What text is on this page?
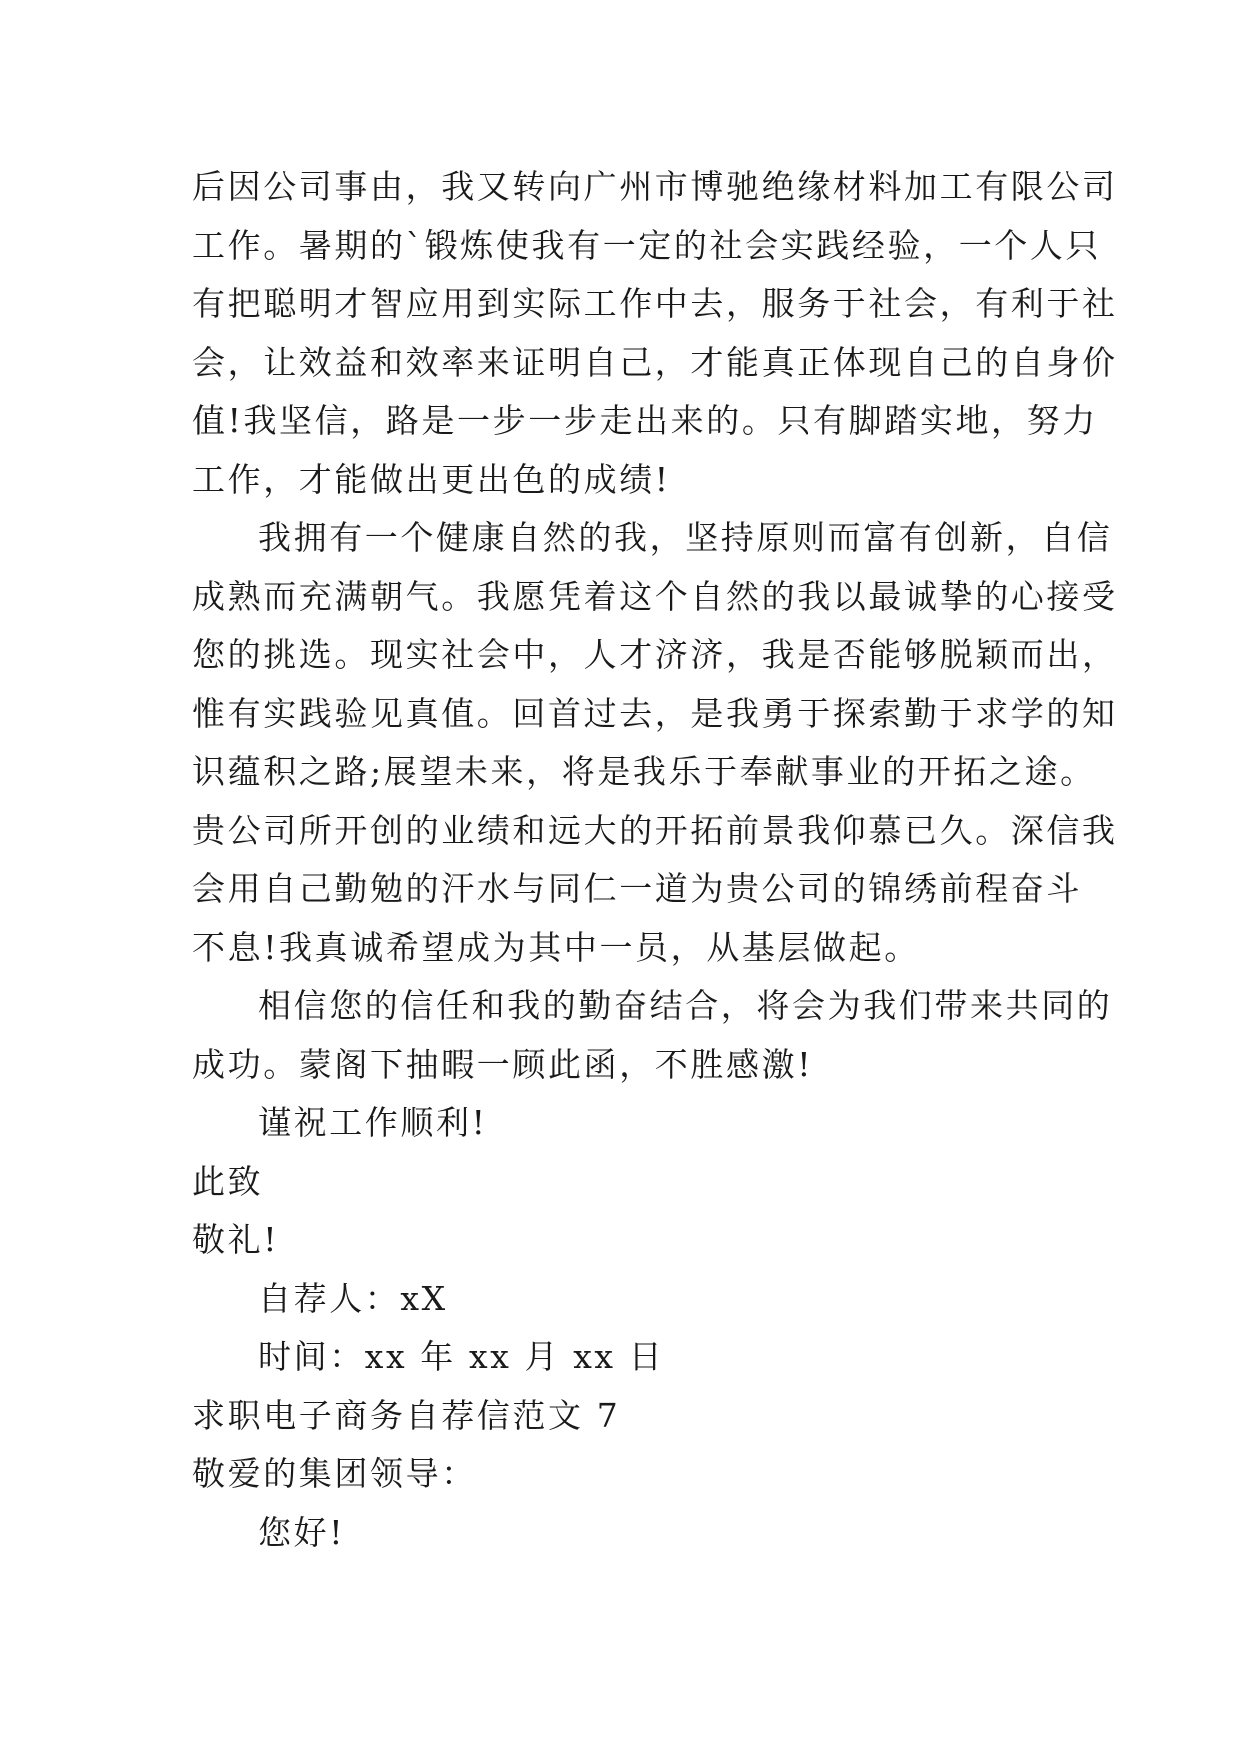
后因公司事由，我又转向广州市博驰绝缘材料加工有限公司
工作。暑期的`锻炼使我有一定的社会实践经验，一个人只
有把聪明才智应用到实际工作中去，服务于社会，有利于社
会，让效益和效率来证明自己，才能真正体现自己的自身价
值!我坚信，路是一步一步走出来的。只有脚踏实地，努力
工作，才能做出更出色的成绩!
我拥有一个健康自然的我，坚持原则而富有创新，自信
成熟而充满朝气。我愿凭着这个自然的我以最诚挚的心接受
您的挑选。现实社会中，人才济济，我是否能够脱颖而出，
惟有实践验见真值。回首过去，是我勇于探索勤于求学的知
识蕴积之路;展望未来，将是我乐于奉献事业的开拓之途。
贵公司所开创的业绩和远大的开拓前景我仰慕已久。深信我
会用自己勤勉的汗水与同仁一道为贵公司的锦绣前程奋斗
不息!我真诚希望成为其中一员，从基层做起。
相信您的信任和我的勤奋结合，将会为我们带来共同的
成功。蒙阁下抽暇一顾此函，不胜感激!
谨祝工作顺利!
此致
敬礼!
自荐人：xX
时间：xx 年 xx 月 xx 日
求职电子商务自荐信范文 7
敬爱的集团领导：
您好!
